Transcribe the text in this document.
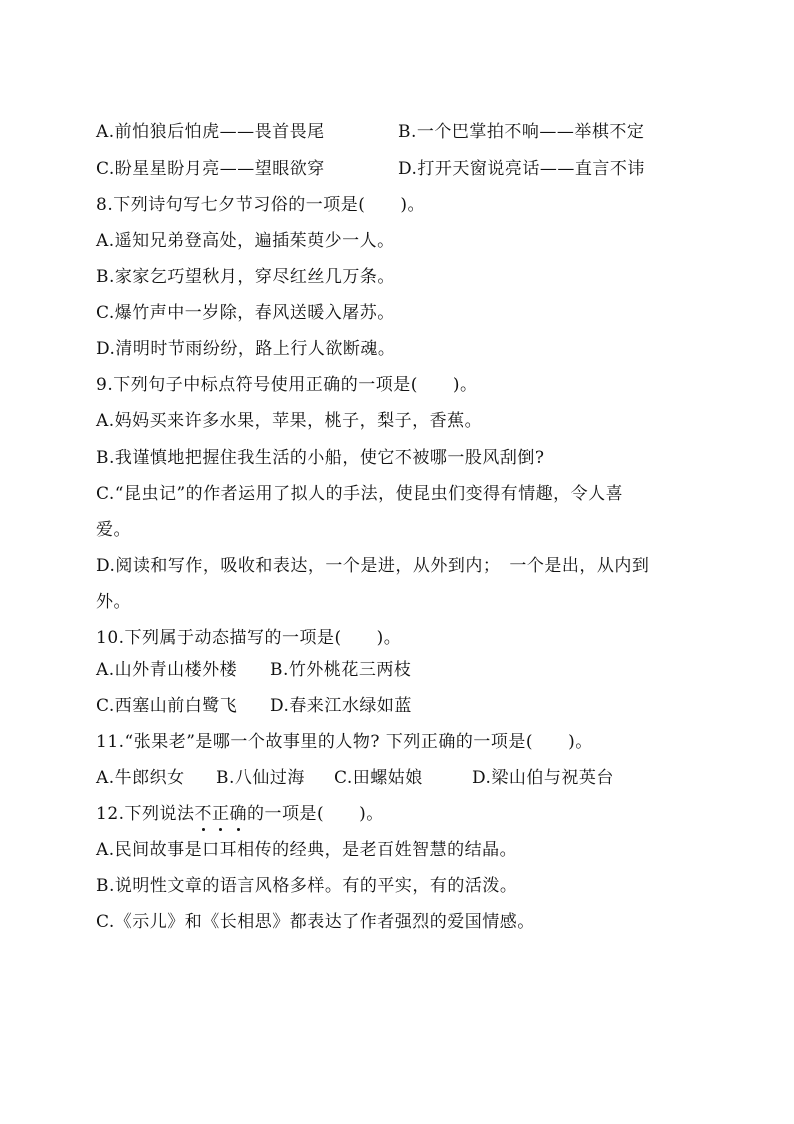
A.前怕狼后怕虎——畏首畏尾	B.一个巴掌拍不响——举棋不定
C.盼星星盼月亮——望眼欲穿	D.打开天窗说亮话——直言不讳
8.下列诗句写七夕节习俗的一项是(　　)。
A.遥知兄弟登高处，遍插茱萸少一人。
B.家家乞巧望秋月，穿尽红丝几万条。
C.爆竹声中一岁除，春风送暖入屠苏。
D.清明时节雨纷纷，路上行人欲断魂。
9.下列句子中标点符号使用正确的一项是(　　)。
A.妈妈买来许多水果，苹果，桃子，梨子，香蕉。
B.我谨慎地把握住我生活的小船，使它不被哪一股风刮倒?
C.“昆虫记”的作者运用了拟人的手法，使昆虫们变得有情趣，令人喜
爱。
D.阅读和写作，吸收和表达，一个是进，从外到内；　一个是出，从内到
外。
10.下列属于动态描写的一项是(　　)。
A.山外青山楼外楼 B.竹外桃花三两枝
C.西塞山前白鹭飞 D.春来江水绿如蓝
11.“张果老”是哪一个故事里的人物? 下列正确的一项是(　　)。
A.牛郎织女 B.八仙过海 C.田螺姑娘	D.梁山伯与祝英台
12.下列说法不正确的一项是(　　)。
A.民间故事是口耳相传的经典，是老百姓智慧的结晶。
B.说明性文章的语言风格多样。有的平实，有的活泼。
C.《示儿》和《长相思》都表达了作者强烈的爱国情感。
